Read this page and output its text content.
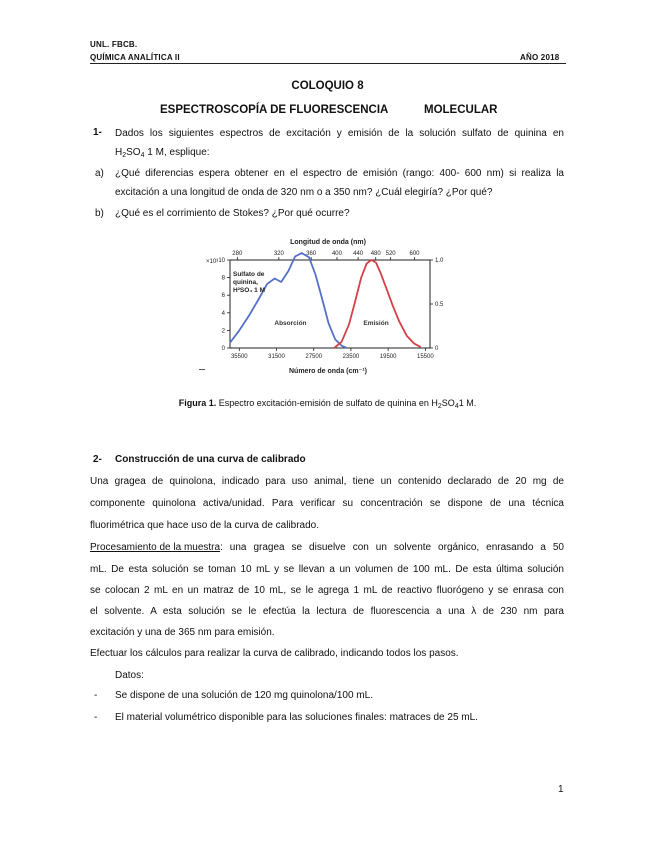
UNL. FBCB.
QUÍMICA ANALÍTICA II	AÑO 2018
COLOQUIO 8
ESPECTROSCOPÍA DE FLUORESCENCIA	MOLECULAR
1- Dados los siguientes espectros de excitación y emisión de la solución sulfato de quinina en
$H_2SO_4$ 1 M, esplique:
a) ¿Qué diferencias espera obtener en el espectro de emisión (rango: 400- 600 nm) si realiza la
excitación a una longitud de onda de 320 nm o a 350 nm? ¿Cuál elegiría? ¿Por qué?
b) ¿Qué es el corrimiento de Stokes? ¿Por qué ocurre?
Longitud de onda (nm)
Número de onda (cm⁻¹)
×10³
0
2
4
6
8
10
0
0.5
1.0
35500	31500	27500	23500	19500	15500
280	320	360	400 440 480 520 600
Absorción	Emisión
Sulfato de
quinina,
H²SO₄ 1 M
Figura 1. Espectro excitación-emisión de sulfato de quinina en $H_2SO_41$ M.
2- Construcción de una curva de calibrado
Una gragea de quinolona, indicado para uso animal, tiene un contenido declarado de 20 mg de
componente quinolona activa/unidad. Para verificar su concentración se dispone de una técnica
fluorimétrica que hace uso de la curva de calibrado.
Procesamiento de la muestra : una gragea se disuelve con un solvente orgánico, enrasando a 50
mL. De esta solución se toman 10 mL y se llevan a un volumen de 100 mL. De esta última solución
se colocan 2 mL en un matraz de 10 mL, se le agrega 1 mL de reactivo fluorógeno y se enrasa con
el solvente. A esta solución se le efectúa la lectura de fluorescencia a una λ de 230 nm para
excitación y una de 365 nm para emisión.
Efectuar los cálculos para realizar la curva de calibrado, indicando todos los pasos.
Datos:
- Se dispone de una solución de 120 mg quinolona/100 mL.
- El material volumétrico disponible para las soluciones finales: matraces de 25 mL.
1
